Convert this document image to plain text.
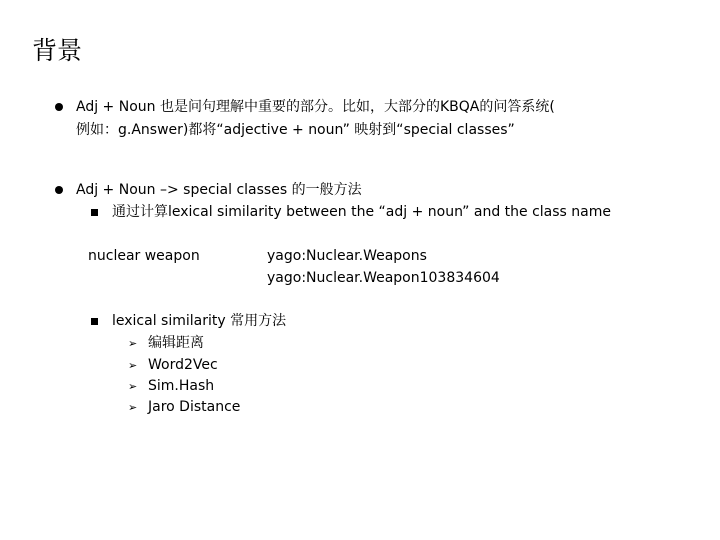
背景
Adj + Noun 也是问句理解中重要的部分。比如，大部分的KBQA的问答系统(
例如：g.Answer)都将“adjective + noun” 映射到“special classes”
Adj + Noun –> special classes 的一般方法
通过计算lexical similarity between the “adj + noun” and the class name
nuclear weapon	yago:Nuclear.Weapons
yago:Nuclear.Weapon103834604
lexical similarity 常用方法
➢ 编辑距离
➢ Word2Vec
➢ Sim.Hash
➢ Jaro Distance
